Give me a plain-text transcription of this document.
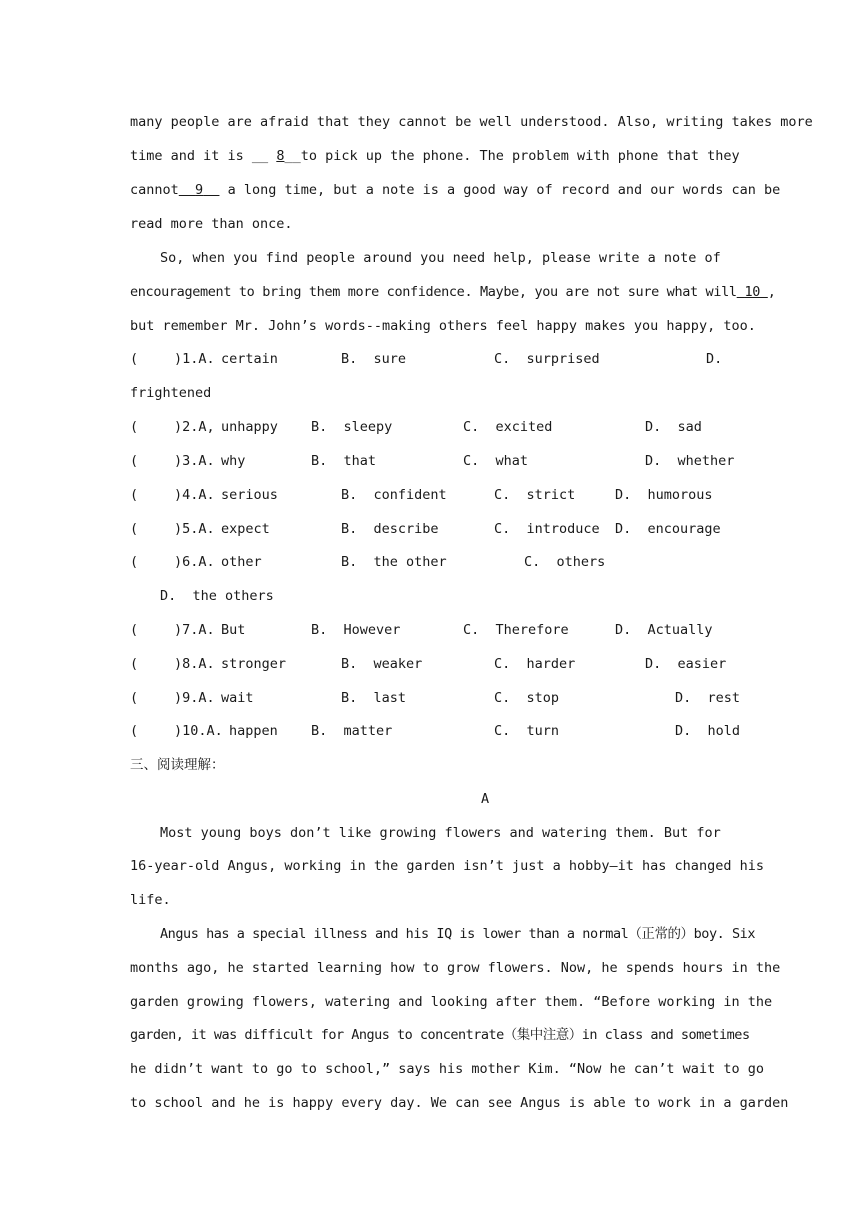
many people are afraid that they cannot be well understood. Also, writing takes more
time and it is __ 8__to pick up the phone. The problem with phone that they
cannot 9   a long time, but a note is a good way of record and our words can be
read more than once.
So, when you find people around you need help, please write a note of
encouragement to bring them more confidence. Maybe, you are not sure what will 10 ,
but remember Mr. John’s words--making others feel happy makes you happy, too.
(
)1.A. certain	B.  sure	C.  surprised	D.
frightened
(	)2.A, unhappy B.  sleepy	C.  excited	D.  sad
(	)3.A. why	B.  that	C.  what	D.  whether
(	)4.A. serious	B.  confident	C.  strict	D.  humorous
(	)5.A. expect	B.  describe	C.  introduce D.  encourage
(	)6.A. other	B.  the other	C.  others
D.  the others
(	)7.A. But	B.  However	C.  Therefore	D.  Actually
(	)8.A. stronger	B.  weaker	C.  harder	D.  easier
(	)9.A. wait	B.  last	C.  stop	D.  rest
(	)10.A. happen B.  matter	C.  turn	D.  hold

三、阅读理解：
A
Most young boys don’t like growing flowers and watering them. But for
16-year-old Angus, working in the garden isn’t just a hobby—it has changed his
life.
Angus has a special illness and his IQ is lower than a normal（正常的）boy. Six
months ago, he started learning how to grow flowers. Now, he spends hours in the
garden growing flowers, watering and looking after them. “Before working in the
garden, it was difficult for Angus to concentrate（集中注意）in class and sometimes
he didn’t want to go to school,” says his mother Kim. “Now he can’t wait to go
to school and he is happy every day. We can see Angus is able to work in a garden
